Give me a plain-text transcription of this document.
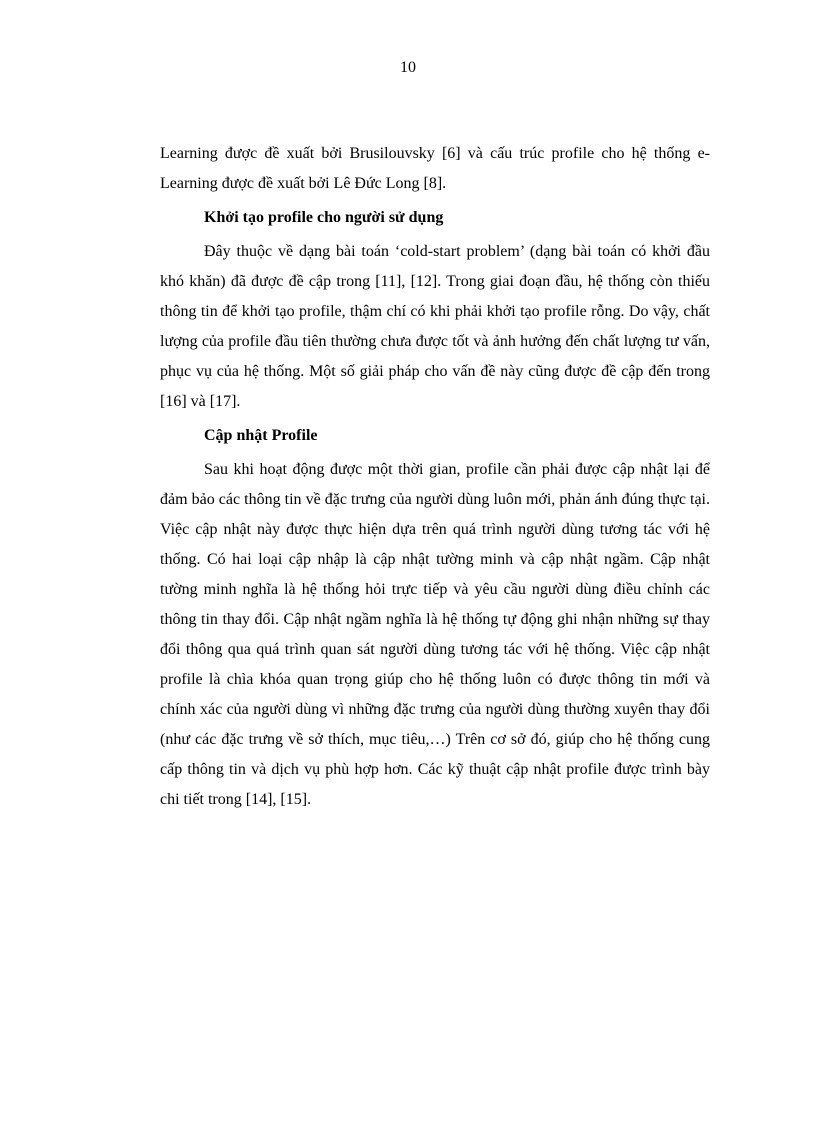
10

Learning được đề xuất bởi Brusilouvsky [6] và cấu trúc profile cho hệ thống e-Learning được đề xuất bởi Lê Đức Long [8].

Khởi tạo profile cho người sử dụng

Đây thuộc về dạng bài toán ‘cold-start problem’ (dạng bài toán có khởi đầu khó khăn) đã được đề cập trong [11], [12]. Trong giai đoạn đầu, hệ thống còn thiếu thông tin để khởi tạo profile, thậm chí có khi phải khởi tạo profile rỗng. Do vậy, chất lượng của profile đầu tiên thường chưa được tốt và ảnh hưởng đến chất lượng tư vấn, phục vụ của hệ thống. Một số giải pháp cho vấn đề này cũng được đề cập đến trong [16] và [17].

Cập nhật Profile

Sau khi hoạt động được một thời gian, profile cần phải được cập nhật lại để đảm bảo các thông tin về đặc trưng của người dùng luôn mới, phản ánh đúng thực tại. Việc cập nhật này được thực hiện dựa trên quá trình người dùng tương tác với hệ thống. Có hai loại cập nhập là cập nhật tường minh và cập nhật ngầm. Cập nhật tường minh nghĩa là hệ thống hỏi trực tiếp và yêu cầu người dùng điều chỉnh các thông tin thay đổi. Cập nhật ngầm nghĩa là hệ thống tự động ghi nhận những sự thay đổi thông qua quá trình quan sát người dùng tương tác với hệ thống. Việc cập nhật profile là chìa khóa quan trọng giúp cho hệ thống luôn có được thông tin mới và chính xác của người dùng vì những đặc trưng của người dùng thường xuyên thay đổi (như các đặc trưng về sở thích, mục tiêu,…) Trên cơ sở đó, giúp cho hệ thống cung cấp thông tin và dịch vụ phù hợp hơn. Các kỹ thuật cập nhật profile được trình bày chi tiết trong [14], [15].
